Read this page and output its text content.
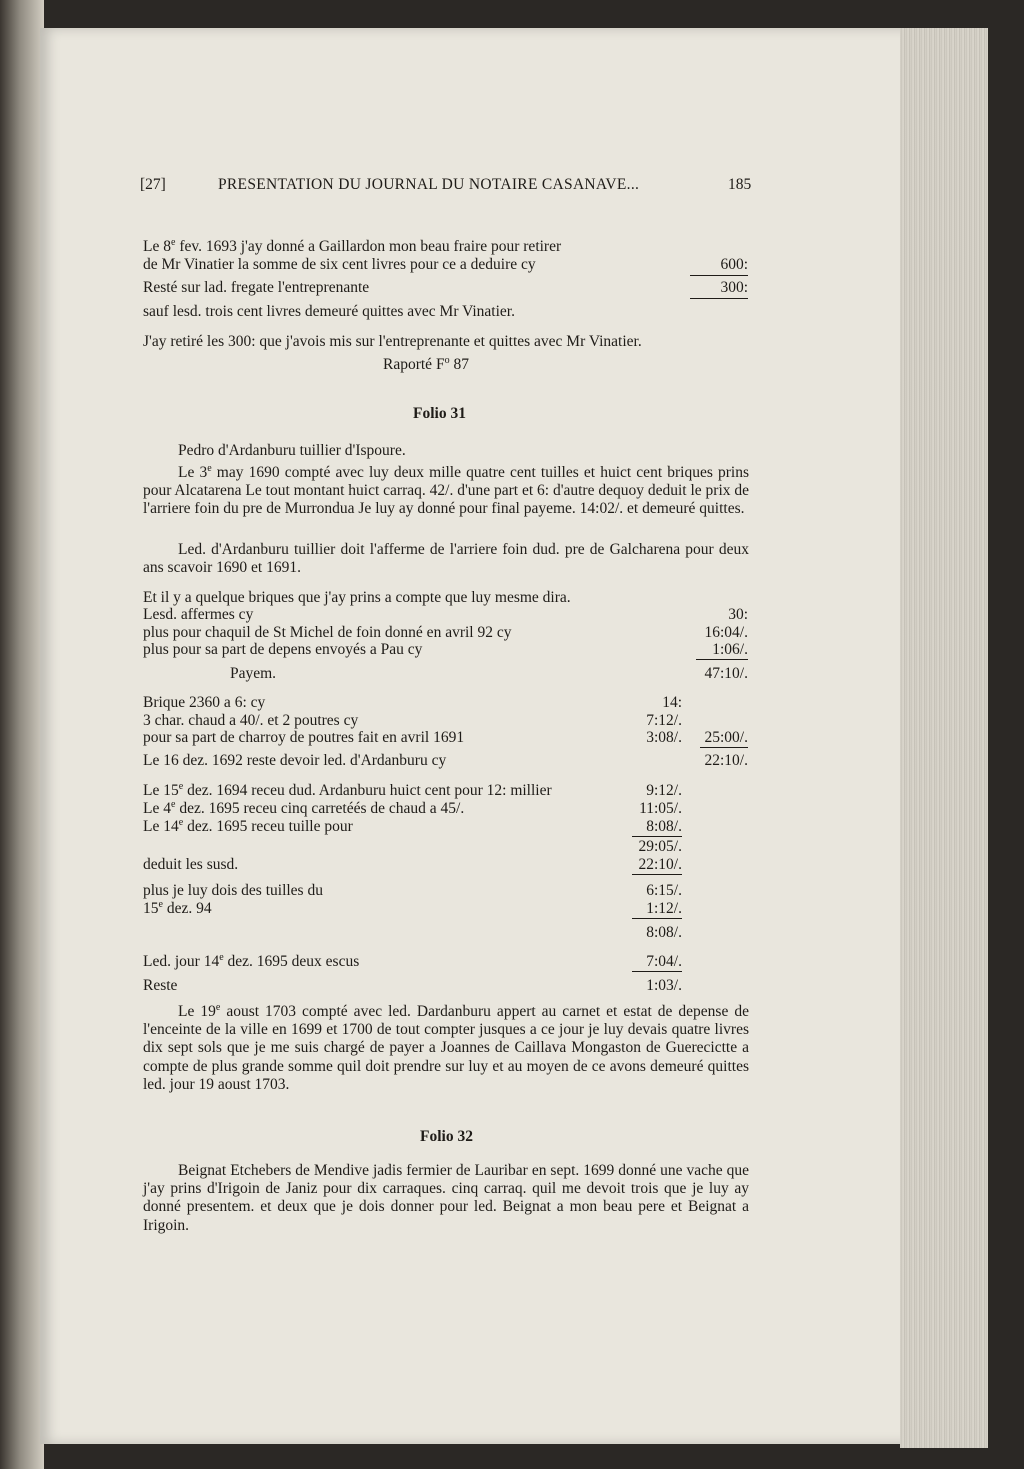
[27]	PRESENTATION DU JOURNAL DU NOTAIRE CASANAVE...	185
Le 8e fev. 1693 j'ay donné a Gaillardon mon beau fraire pour retirer
de Mr Vinatier la somme de six cent livres pour ce a deduire cy	600:
Resté sur lad. fregate l'entreprenante	300:
sauf lesd. trois cent livres demeuré quittes avec Mr Vinatier.
J'ay retiré les 300: que j'avois mis sur l'entreprenante et quittes avec Mr Vinatier.
Raporté $F^o$ 87
Folio 31
Pedro d'Ardanburu tuillier d'Ispoure.
Le 3e may 1690 compté avec luy deux mille quatre cent tuilles et huict cent briques prins pour Alcatarena Le tout montant huict carraq. 42/. d'une part et 6: d'autre dequoy deduit le prix de l'arriere foin du pre de Murrondua Je luy ay donné pour final payeme. 14:02/. et demeuré quittes.
Led. d'Ardanburu tuillier doit l'afferme de l'arriere foin dud. pre de Galcharena pour deux ans scavoir 1690 et 1691.
Et il y a quelque briques que j'ay prins a compte que luy mesme dira.
Lesd. affermes cy	30:
plus pour chaquil de St Michel de foin donné en avril 92 cy	16:04/.
plus pour sa part de depens envoyés a Pau cy	1:06/.
Payem.	47:10/.
Brique 2360 a 6: cy	14:
3 char. chaud a 40/. et 2 poutres cy	7:12/.
pour sa part de charroy de poutres fait en avril 1691	3:08/. 25:00/.
Le 16 dez. 1692 reste devoir led. d'Ardanburu cy	22:10/.
Le 15e dez. 1694 receu dud. Ardanburu huict cent pour 12: millier	9:12/.
Le 4e dez. 1695 receu cinq carretéés de chaud a 45/.	11:05/.
Le 14e dez. 1695 receu tuille pour	8:08/.
29:05/.
deduit les susd.	22:10/.
plus je luy dois des tuilles du	6:15/.
15e dez. 94	1:12/.
8:08/.
Led. jour 14e dez. 1695 deux escus	7:04/.
Reste	1:03/.
Le 19e aoust 1703 compté avec led. Dardanburu appert au carnet et estat de depense de l'enceinte de la ville en 1699 et 1700 de tout compter jusques a ce jour je luy devais quatre livres dix sept sols que je me suis chargé de payer a Joannes de Caillava Mongaston de Guerecictte a compte de plus grande somme quil doit prendre sur luy et au moyen de ce avons demeuré quittes led. jour 19 aoust 1703.
Folio 32
Beignat Etchebers de Mendive jadis fermier de Lauribar en sept. 1699 donné une vache que j'ay prins d'Irigoin de Janiz pour dix carraques. cinq carraq. quil me devoit trois que je luy ay donné presentem. et deux que je dois donner pour led. Beignat a mon beau pere et Beignat a Irigoin.
